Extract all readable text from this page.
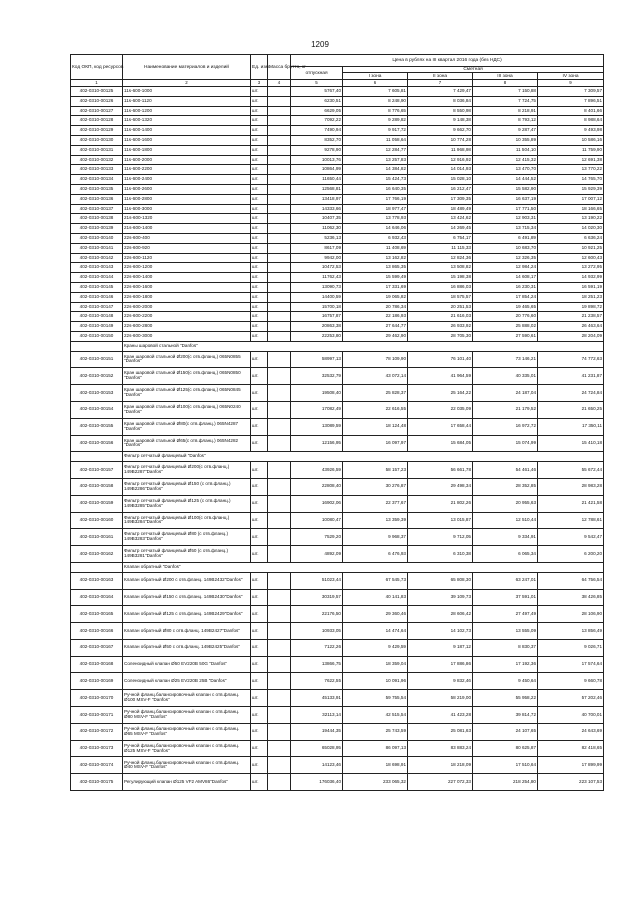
1209
Код ОКП, код ресурсов	Наименование материалов и изделий	Ед. изм.	Масса брутто, кг	Цена в рублях на III квартал 2016 года (без НДС)				
				отпускная	Сметная			
					I зона	II зона	III зона	IV зона
1	2	3	4	5	6	7	8	9
402-0310-00125	11s-600-1000	шт.		5767,40	7 605,81	7 429,47	7 150,88	7 309,57
402-0310-00126	11s-600-1120	шт.		6230,51	8 248,90	8 036,84	7 724,75	7 896,51
402-0310-00127	11s-600-1200	шт.		6629,05	8 776,65	8 550,98	8 218,91	8 401,66
402-0310-00128	11s-600-1320	шт.		7092,22	9 289,82	9 148,38	8 793,12	8 988,64
402-0310-00129	11s-600-1400	шт.		7490,94	9 917,72	9 662,70	9 287,47	9 493,98
402-0310-00130	11s-600-1600	шт.		8352,70	11 058,64	10 774,28	10 355,89	10 586,16
402-0310-00131	11s-600-1800	шт.		9278,90	12 284,77	11 968,98	11 504,10	11 759,90
402-0310-00132	11s-600-2000	шт.		10013,76	13 257,83	12 916,92	12 415,32	12 691,38
402-0310-00133	11s-600-2200	шт.		10864,99	14 384,82	14 014,93	13 470,70	13 770,22
402-0310-00134	11s-600-2400	шт.		11650,44	15 424,73	15 028,10	14 444,52	14 765,70
402-0310-00135	11s-600-2600	шт.		12568,81	16 640,35	16 212,47	15 582,90	15 929,39
402-0310-00136	11s-600-2800	шт.		13418,97	17 766,19	17 309,35	16 637,19	17 007,12
402-0310-00137	11s-600-3000	шт.		14333,66	18 977,47	18 489,49	17 771,50	18 166,65
402-0310-00138	21s-600-1320	шт.		10407,35	13 778,93	13 424,62	12 903,31	13 190,22
402-0310-00139	21s-600-1400	шт.		11062,30	14 646,06	14 269,45	13 715,34	14 020,30
402-0310-00140	22s-600-400	шт.		5236,13	6 932,43	6 754,17	6 491,89	6 636,24
402-0310-00141	22s-600-920	шт.		8617,09	11 408,69	11 115,33	10 683,70	10 921,25
402-0310-00142	22s-600-1120	шт.		9942,00	13 162,82	12 824,36	12 326,35	12 600,43
402-0310-00143	22s-600-1200	шт.		10472,53	13 865,35	13 508,82	12 984,24	13 272,95
402-0310-00144	22s-600-1400	шт.		11762,43	15 599,49	15 198,38	14 608,17	14 932,99
402-0310-00145	22s-600-1600	шт.		13090,73	17 331,69	16 886,03	16 230,31	16 591,19
402-0310-00146	22s-600-1800	шт.		14400,59	19 065,82	18 575,57	17 854,24	18 251,23
402-0310-00147	22s-600-2000	шт.		15700,18	20 786,34	20 251,53	19 465,65	19 898,72
402-0310-00148	22s-600-2200	шт.		16757,87	22 186,93	21 616,03	20 776,60	21 238,57
402-0310-00149	22s-600-2800	шт.		20863,38	27 644,77	26 933,92	25 888,02	26 463,64
402-0310-00150	22s-600-3000	шт.		22253,80	29 462,90	28 705,30	27 590,61	28 204,09
	Краны шаровой стальной "Danfos"							
402-0310-00151	Кран шаровой стальной Ø200(с отв.фланц.) 065N0855 "Danfos"	шт.		58997,13	78 109,90	76 101,40	73 146,21	74 772,63
402-0310-00152	Кран шаровой стальной Ø150(с отв.фланц.) 065N0850 "Danfos"	шт.		32532,79	43 072,14	41 964,59	40 335,01	41 231,87
402-0310-00153	Кран шаровой стальной Ø125(с отв.фланц.) 065N0845 "Danfos"	шт.		19508,40	25 828,37	25 164,22	24 187,04	24 724,84
402-0310-00154	Кран шаровой стальной Ø100(с отв.фланц.) 065N0240 "Danfos"	шт.		17082,49	22 616,55	22 035,09	21 179,52	21 650,25
402-0310-00155	Кран шаровой стальной Ø80(с отв.фланц.) 065N4287 "Danfos"	шт.		13089,59	18 124,48	17 658,44	16 972,72	17 350,11
402-0310-00156	Кран шаровой стальной Ø65(с отв.фланц.) 065N4282 "Danfos"	шт.		12156,95	16 097,97	15 684,05	15 074,99	15 410,18
	Фильтр сетчатый фланцевый "Danfos"							
402-0310-00157	Фильтр сетчатый фланцевый Ø200(с отв.фланц.) 149B2287"Danfos"	шт.		43926,59	58 157,23	56 661,78	54 461,46	55 672,44
402-0310-00158	Фильтр сетчатый фланцевый Ø150 (с отв.фланц.) 149B2286"Danfos"	шт.		22808,40	30 276,87	29 498,34	28 352,85	28 983,28
402-0310-00159	Фильтр сетчатый фланцевый Ø125 (с отв.фланц.) 149B3285"Danfos"	шт.		16902,06	22 377,67	21 802,26	20 955,63	21 421,58
402-0310-00160	Фильтр сетчатый фланцевый Ø100(с отв.фланц.) 149B3284"Danfos"	шт.		10080,47	13 359,39	13 015,87	12 510,44	12 788,61
402-0310-00161	Фильтр сетчатый фланцевый Ø80 (с отв.фланц.) 149B3283"Danfos"	шт.		7529,20	9 968,37	9 712,05	9 334,91	9 542,47
402-0310-00162	Фильтр сетчатый фланцевый Ø50 (с отв.фланц.) 149B3281"Danfos"	шт.		4892,09	6 476,93	6 310,38	6 065,34	6 200,20
	Клапан обратный "Danfos"							
402-0310-00163	Клапан обратный Ø200 с отв.фланц. 149B2432"Danfos"	шт.		51023,44	67 545,73	65 808,30	63 247,01	64 756,54
402-0310-00164	Клапан обратный Ø150 с отв.фланц. 149B2430"Danfos"	шт.		30319,57	40 141,83	39 109,73	37 591,01	38 426,85
402-0310-00165	Клапан обратный Ø125 с отв.фланц. 149B2429"Danfos"	шт.		22176,50	29 360,46	28 606,42	27 497,49	28 106,90
402-0310-00166	Клапан обратный Ø80 с отв.фланц. 149B2427"Danfos"	шт.		10933,05	14 474,64	14 102,73	13 555,09	13 856,49
402-0310-00167	Клапан обратный Ø50 с отв.фланц. 149B2425"Danfos"	шт.		7122,26	9 429,59	9 187,12	8 830,37	9 026,71
402-0310-00168	Соленоидный клапан Ø50 EV220B 50G "Danfos"	шт.		13866,75	18 359,04	17 886,86	17 192,36	17 574,64
402-0310-00169	Соленоидный клапан Ø25 EV220B 25B "Danfos"	шт.		7622,55	10 091,96	9 832,46	9 450,64	9 660,78
402-0310-00170	Ручной фланц.балансировочный клапан с отв.фланц. Ø100 MSV-F "Danfos"	шт.		45133,91	59 755,54	58 219,00	55 958,22	57 202,46
402-0310-00171	Ручной фланц.балансировочный клапан с отв.фланц. Ø80 MSV-F "Danfos"	шт.		32113,14	42 515,54	41 423,28	39 814,72	40 700,01
402-0310-00172	Ручной фланц.балансировочный клапан с отв.фланц. Ø65 MSV-F "Danfos"	шт.		19444,35	25 743,59	25 081,63	24 107,65	24 643,69
402-0310-00173	Ручной фланц.балансировочный клапан с отв.фланц. Ø125 MSV-F "Danfos"	шт.		65028,95	86 097,13	83 883,24	80 625,87	82 418,65
402-0310-00174	Ручной фланц.балансировочный клапан с отв.фланц. Ø40 MSV-F "Danfos"	шт.		14123,46	18 698,91	18 218,09	17 510,64	17 899,99
402-0310-00175	Регулирующий клапан Ø125 VF2 AMV86"Danfos"	шт.		176036,40	233 065,32	227 072,33	218 254,80	223 107,53
